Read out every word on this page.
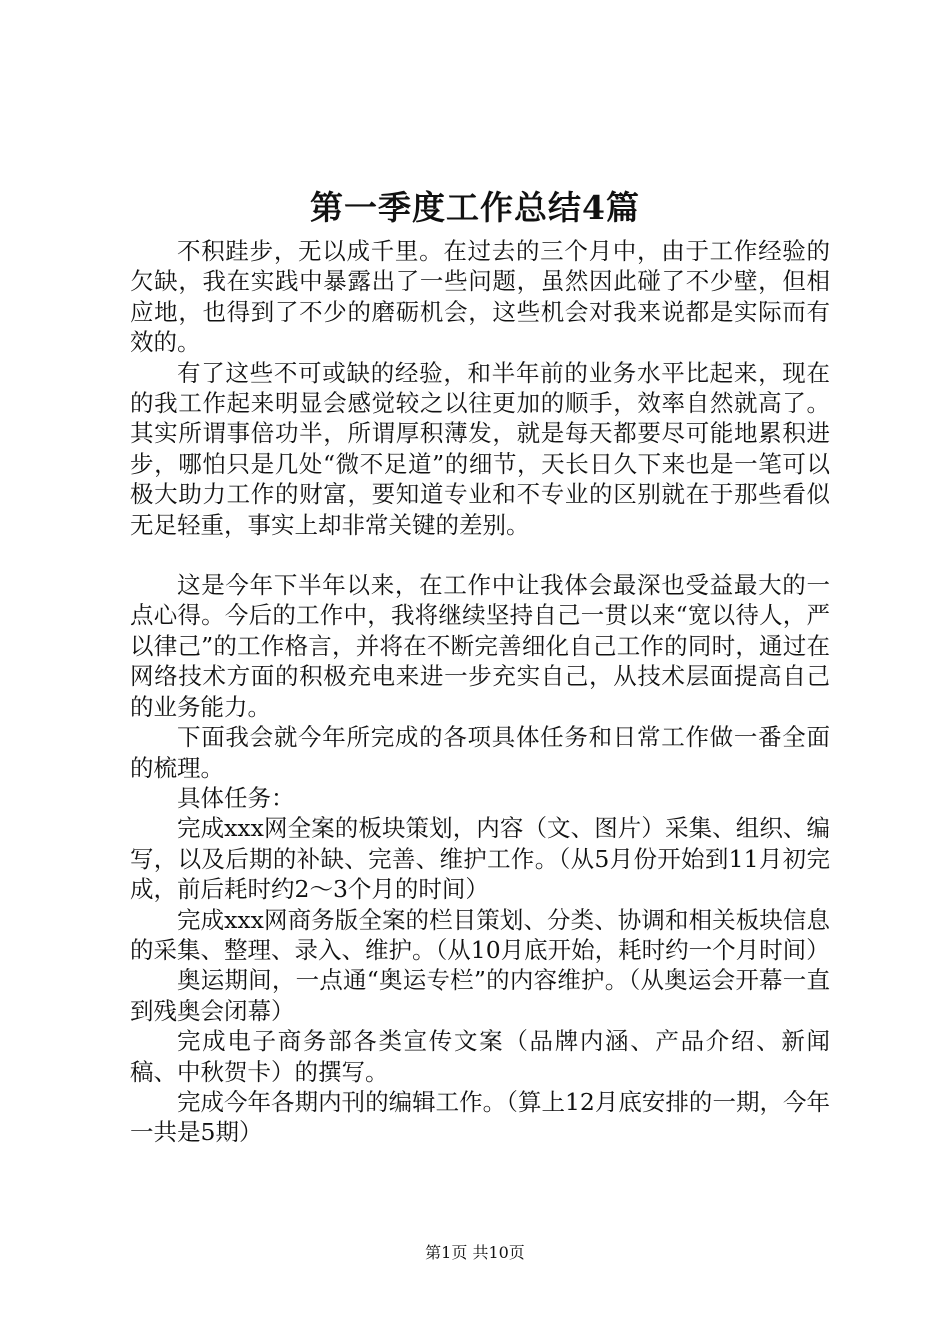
第一季度工作总结4篇

不积跬步，无以成千里。在过去的三个月中，由于工作经验的欠缺，我在实践中暴露出了一些问题，虽然因此碰了不少壁，但相应地，也得到了不少的磨砺机会，这些机会对我来说都是实际而有效的。

有了这些不可或缺的经验，和半年前的业务水平比起来，现在的我工作起来明显会感觉较之以往更加的顺手，效率自然就高了。其实所谓事倍功半，所谓厚积薄发，就是每天都要尽可能地累积进步，哪怕只是几处“微不足道”的细节，天长日久下来也是一笔可以极大助力工作的财富，要知道专业和不专业的区别就在于那些看似无足轻重，事实上却非常关键的差别。

这是今年下半年以来，在工作中让我体会最深也受益最大的一点心得。今后的工作中，我将继续坚持自己一贯以来“宽以待人，严以律己”的工作格言，并将在不断完善细化自己工作的同时，通过在网络技术方面的积极充电来进一步充实自己，从技术层面提高自己的业务能力。

下面我会就今年所完成的各项具体任务和日常工作做一番全面的梳理。

具体任务：

完成xxx网全案的板块策划，内容（文、图片）采集、组织、编写，以及后期的补缺、完善、维护工作。（从5月份开始到11月初完成，前后耗时约2～3个月的时间）

完成xxx网商务版全案的栏目策划、分类、协调和相关板块信息的采集、整理、录入、维护。（从10月底开始，耗时约一个月时间）

奥运期间，一点通“奥运专栏”的内容维护。（从奥运会开幕一直到残奥会闭幕）

完成电子商务部各类宣传文案（品牌内涵、产品介绍、新闻稿、中秋贺卡）的撰写。

完成今年各期内刊的编辑工作。（算上12月底安排的一期，今年一共是5期）

第1页 共10页
